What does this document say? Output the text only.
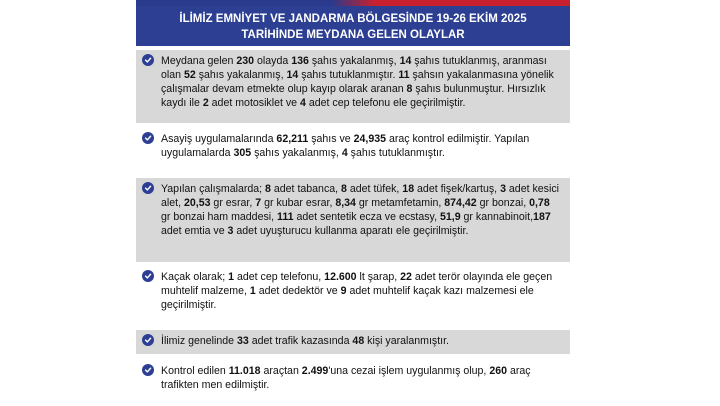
İLİMİZ EMNİYET VE JANDARMA BÖLGESİNDE 19-26 EKİM 2025
TARİHİNDE MEYDANA GELEN OLAYLAR
Meydana gelen 230 olayda 136 şahıs yakalanmış, 14 şahıs tutuklanmış, aranması olan 52 şahıs yakalanmış, 14 şahıs tutuklanmıştır. 11 şahsın yakalanmasına yönelik çalışmalar devam etmekte olup kayıp olarak aranan 8 şahıs bulunmuştur. Hırsızlık kaydı ile 2 adet motosiklet ve 4 adet cep telefonu ele geçirilmiştir.
Asayiş uygulamalarında 62,211 şahıs ve 24,935 araç kontrol edilmiştir. Yapılan uygulamalarda 305 şahıs yakalanmış, 4 şahıs tutuklanmıştır.
Yapılan çalışmalarda; 8 adet tabanca, 8 adet tüfek, 18 adet fişek/kartuş, 3 adet kesici alet, 20,53 gr esrar, 7 gr kubar esrar, 8,34 gr metamfetamin, 874,42 gr bonzai, 0,78 gr bonzai ham maddesi, 111 adet sentetik ecza ve ecstasy, 51,9 gr kannabinoit,187 adet emtia ve 3 adet uyuşturucu kullanma aparatı ele geçirilmiştir.
Kaçak olarak; 1 adet cep telefonu, 12.600 lt şarap, 22 adet terör olayında ele geçen muhtelif malzeme, 1 adet dedektör ve 9 adet muhtelif kaçak kazı malzemesi ele geçirilmiştir.
İlimiz genelinde 33 adet trafik kazasında 48 kişi yaralanmıştır.
Kontrol edilen 11.018 araçtan 2.499'una cezai işlem uygulanmış olup, 260 araç trafikten men edilmiştir.
